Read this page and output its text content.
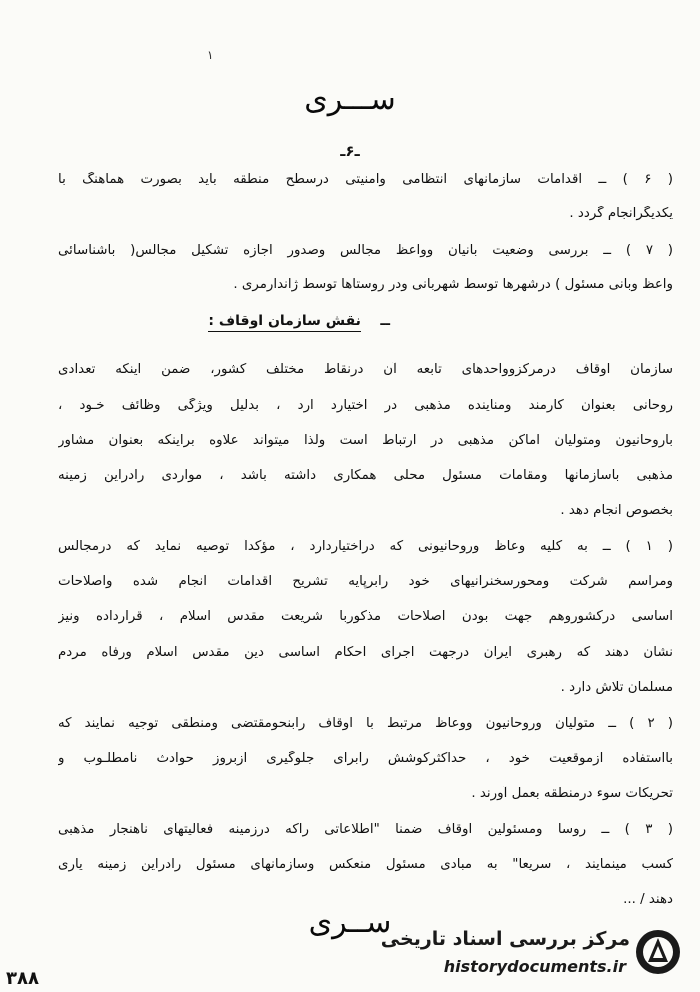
۱
ســـری
ـ۶ـ
( ۶ ) ــ اقدامات سازمانهای انتظامی وامنیتی درسطح منطقه باید بصورت هماهنگ با
یکدیگرانجام گردد .
( ۷ ) ــ بررسی وضعیت بانیان وواعظ مجالس وصدور اجازه تشکیل مجالس( باشناسائی
واعظ وبانی مسئول ) درشهرها توسط شهربانی ودر روستاها توسط ژاندارمری .
ــ    نقش سازمان اوقاف :
سازمان اوقاف درمرکزوواحدهای تابعه آن درنقاط مختلف کشور، ضمن اینکه تعدادی
روحانی بعنوان کارمند ومناینده مذهبی در اختیارد ارد ، بدلیل ویژگی وظائف خـود ،
باروحانیون ومتولیان اماکن مذهبی در ارتباط است ولذا میتواند علاوه براینکه بعنوان مشاور
مذهبی باسازمانها ومقامات مسئول محلی همکاری داشته باشد ، مواردی رادراین زمینه
بخصوص انجام دهد .
( ۱ ) ــ به کلیه وعاظ وروحانیونی که دراختیاردارد ، مؤکداً توصیه نماید که درمجالس
ومراسم شرکت ومحورسخنرانیهای خود رابرپایه تشریح اقدامات انجام شده واصلاحات
اساسی درکشوروهم جهت بودن اصلاحات مذکوربا شریعت مقدس اسلام ، قرارداده ونیز
نشان دهند که رهبری ایران درجهت اجرای احکام اساسی دین مقدس اسلام ورفاه مردم
مسلمان تلاش دارد .
( ۲ ) ــ متولیان وروحانیون ووعاظ مرتبط با اوقاف رابنحومقتضی ومنطقی توجیه نمایند که
بااستفاده ازموقعیت خود ، حداکثرکوشش رابرای جلوگیری ازبروز حوادث نامطلـوب و
تحریکات سوء درمنطقه بعمل آورند .
( ۳ ) ــ روسا ومسئولین اوقاف ضمناً "اطلاعاتی راکه درزمینه فعالیتهای ناهنجار مذهبی
کسب مینمایند ، سریعاً" به مبادی مسئول منعکس وسازمانهای مسئول رادراین زمینه یاری
دهند / ...
ســری
مرکز بررسی اسناد تاریخی
historydocuments.ir
۳۸۸
